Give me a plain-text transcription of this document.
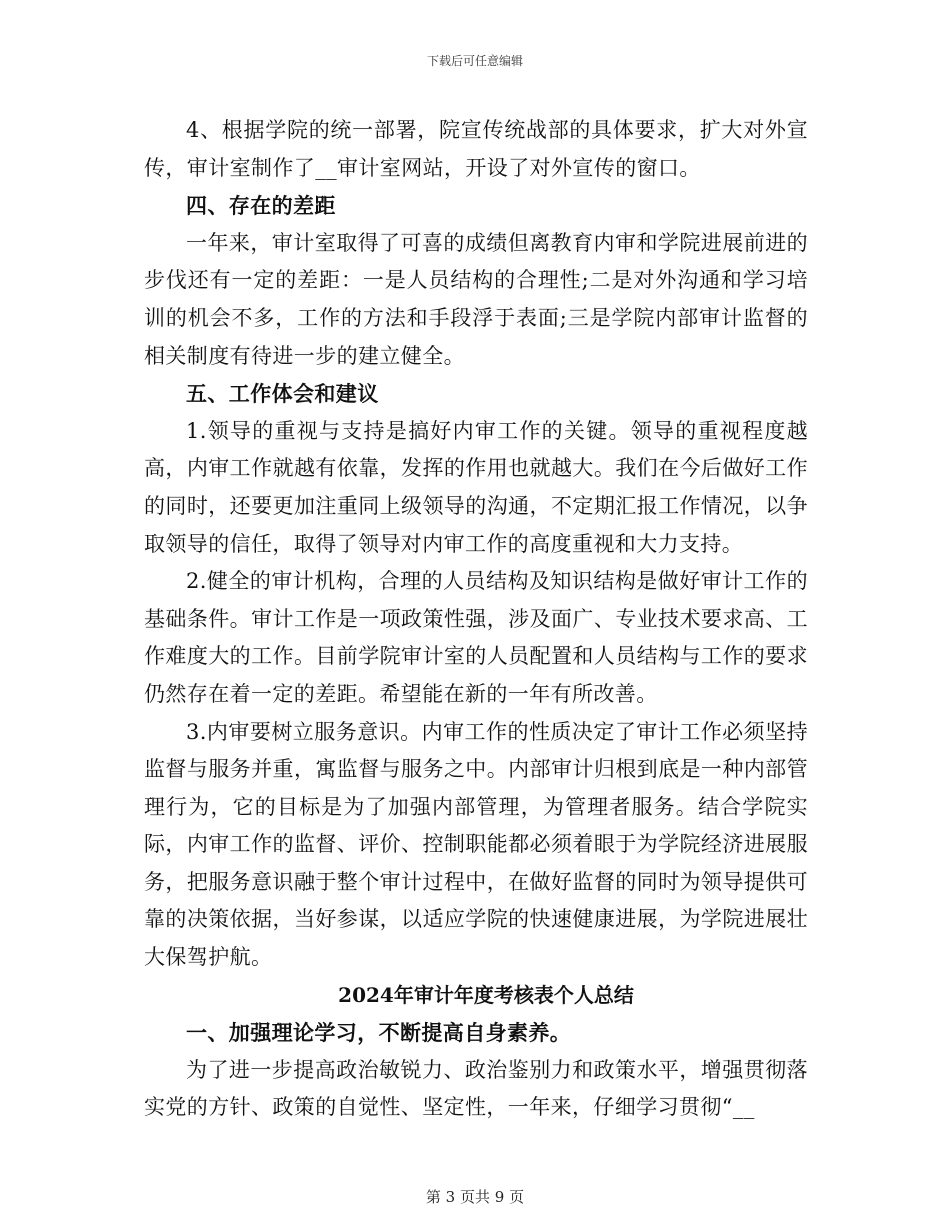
下载后可任意编辑

4、根据学院的统一部署，院宣传统战部的具体要求，扩大对外宣传，审计室制作了__审计室网站，开设了对外宣传的窗口。

四、存在的差距

一年来，审计室取得了可喜的成绩但离教育内审和学院进展前进的步伐还有一定的差距：一是人员结构的合理性;二是对外沟通和学习培训的机会不多，工作的方法和手段浮于表面;三是学院内部审计监督的相关制度有待进一步的建立健全。

五、工作体会和建议

1.领导的重视与支持是搞好内审工作的关键。领导的重视程度越高，内审工作就越有依靠，发挥的作用也就越大。我们在今后做好工作的同时，还要更加注重同上级领导的沟通，不定期汇报工作情况，以争取领导的信任，取得了领导对内审工作的高度重视和大力支持。

2.健全的审计机构，合理的人员结构及知识结构是做好审计工作的基础条件。审计工作是一项政策性强，涉及面广、专业技术要求高、工作难度大的工作。目前学院审计室的人员配置和人员结构与工作的要求仍然存在着一定的差距。希望能在新的一年有所改善。

3.内审要树立服务意识。内审工作的性质决定了审计工作必须坚持监督与服务并重，寓监督与服务之中。内部审计归根到底是一种内部管理行为，它的目标是为了加强内部管理，为管理者服务。结合学院实际，内审工作的监督、评价、控制职能都必须着眼于为学院经济进展服务，把服务意识融于整个审计过程中，在做好监督的同时为领导提供可靠的决策依据，当好参谋，以适应学院的快速健康进展，为学院进展壮大保驾护航。

2024年审计年度考核表个人总结
一、加强理论学习，不断提高自身素养。

为了进一步提高政治敏锐力、政治鉴别力和政策水平，增强贯彻落实党的方针、政策的自觉性、坚定性，一年来，仔细学习贯彻“__

第 3 页共 9 页
